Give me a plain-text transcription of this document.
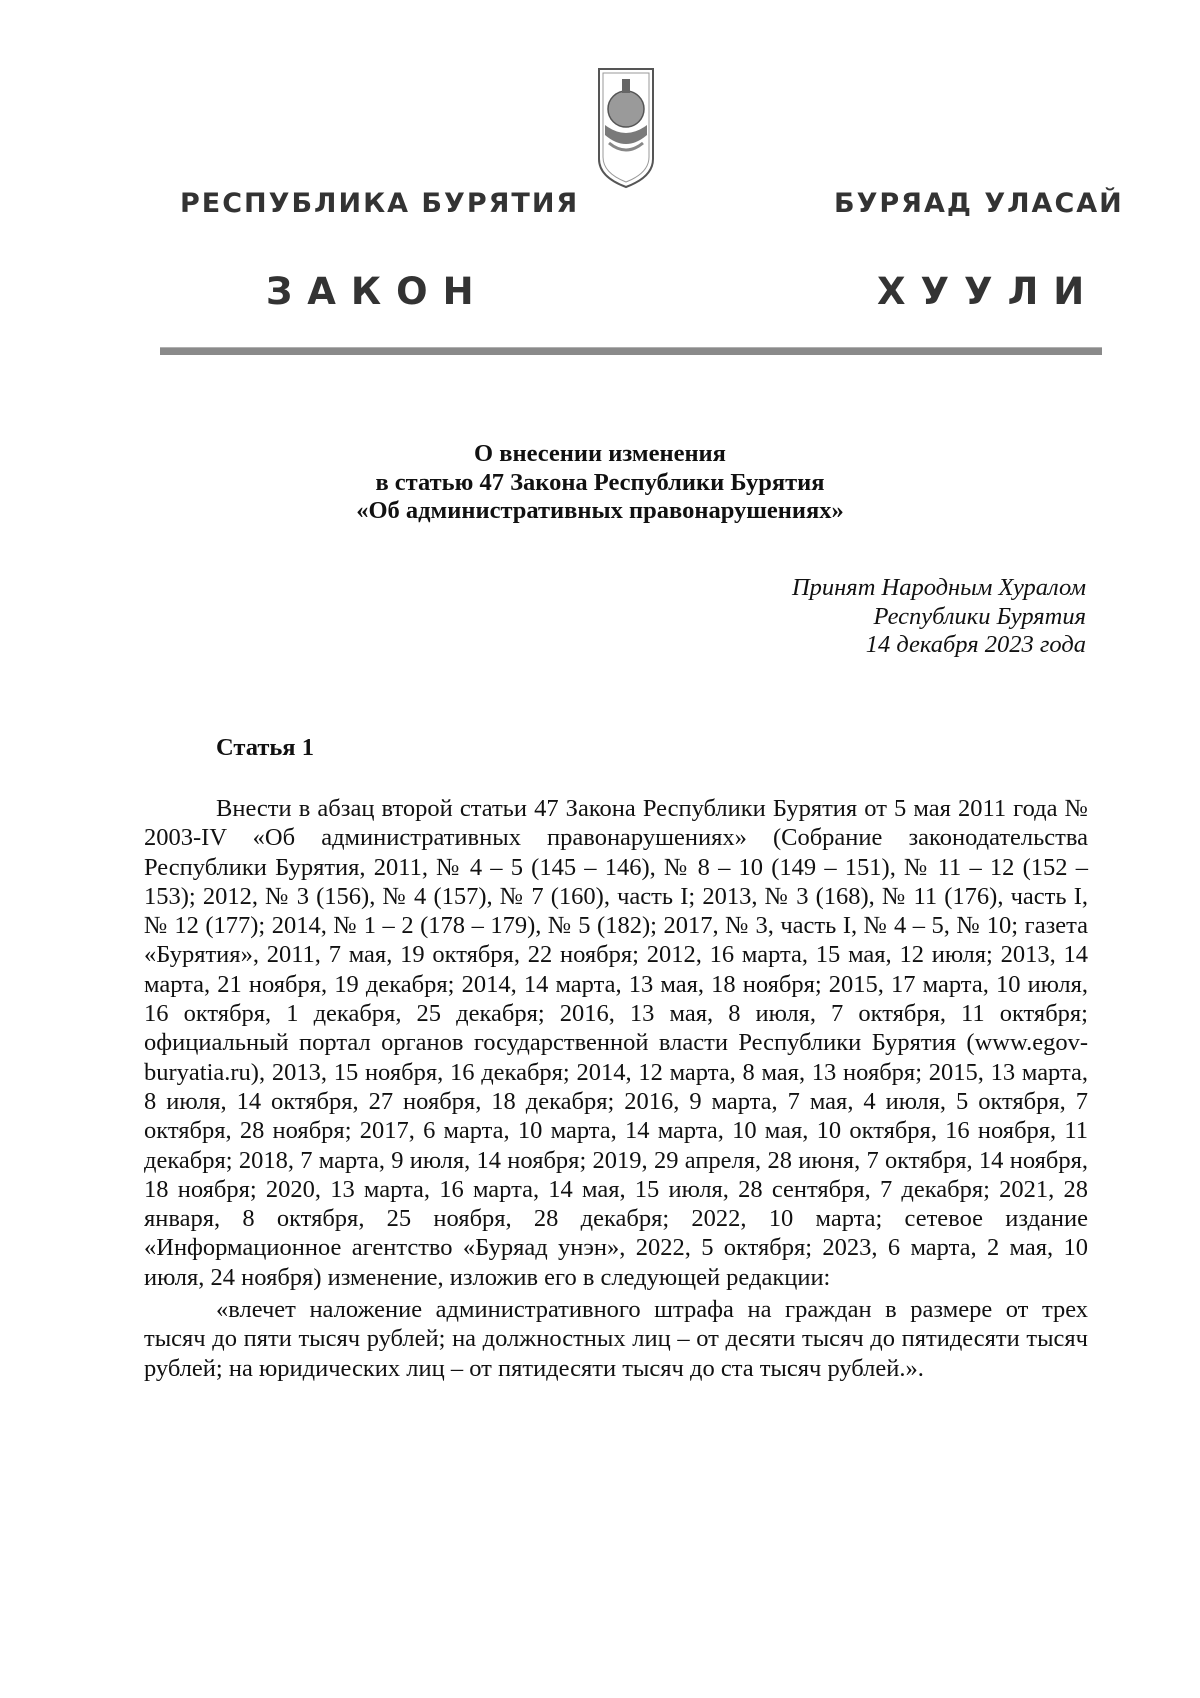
РЕСПУБЛИКА БУРЯТИЯ	БУРЯАД УЛАСАЙ
ЗАКОН	ХУУЛИ
О внесении изменения
в статью 47 Закона Республики Бурятия
«Об административных правонарушениях»
Принят Народным Хуралом
Республики Бурятия
14 декабря 2023 года
Статья 1

Внести в абзац второй статьи 47 Закона Республики Бурятия от 5 мая 2011 года № 2003-IV «Об административных правонарушениях» (Собрание законодательства Республики Бурятия, 2011, № 4 – 5 (145 – 146), № 8 – 10 (149 – 151), № 11 – 12 (152 – 153); 2012, № 3 (156), № 4 (157), № 7 (160), часть I; 2013, № 3 (168), № 11 (176), часть I, № 12 (177); 2014, № 1 – 2 (178 – 179), № 5 (182); 2017, № 3, часть I, № 4 – 5, № 10; газета «Бурятия», 2011, 7 мая, 19 октября, 22 ноября; 2012, 16 марта, 15 мая, 12 июля; 2013, 14 марта, 21 ноября, 19 декабря; 2014, 14 марта, 13 мая, 18 ноября; 2015, 17 марта, 10 июля, 16 октября, 1 декабря, 25 декабря; 2016, 13 мая, 8 июля, 7 октября, 11 октября; официальный портал органов государственной власти Республики Бурятия (www.egov-buryatia.ru), 2013, 15 ноября, 16 декабря; 2014, 12 марта, 8 мая, 13 ноября; 2015, 13 марта, 8 июля, 14 октября, 27 ноября, 18 декабря; 2016, 9 марта, 7 мая, 4 июля, 5 октября, 7 октября, 28 ноября; 2017, 6 марта, 10 марта, 14 марта, 10 мая, 10 октября, 16 ноября, 11 декабря; 2018, 7 марта, 9 июля, 14 ноября; 2019, 29 апреля, 28 июня, 7 октября, 14 ноября, 18 ноября; 2020, 13 марта, 16 марта, 14 мая, 15 июля, 28 сентября, 7 декабря; 2021, 28 января, 8 октября, 25 ноября, 28 декабря; 2022, 10 марта; сетевое издание «Информационное агентство «Буряад унэн», 2022, 5 октября; 2023, 6 марта, 2 мая, 10 июля, 24 ноября) изменение, изложив его в следующей редакции:

«влечет наложение административного штрафа на граждан в размере от трех тысяч до пяти тысяч рублей; на должностных лиц – от десяти тысяч до пятидесяти тысяч рублей; на юридических лиц – от пятидесяти тысяч до ста тысяч рублей.».
